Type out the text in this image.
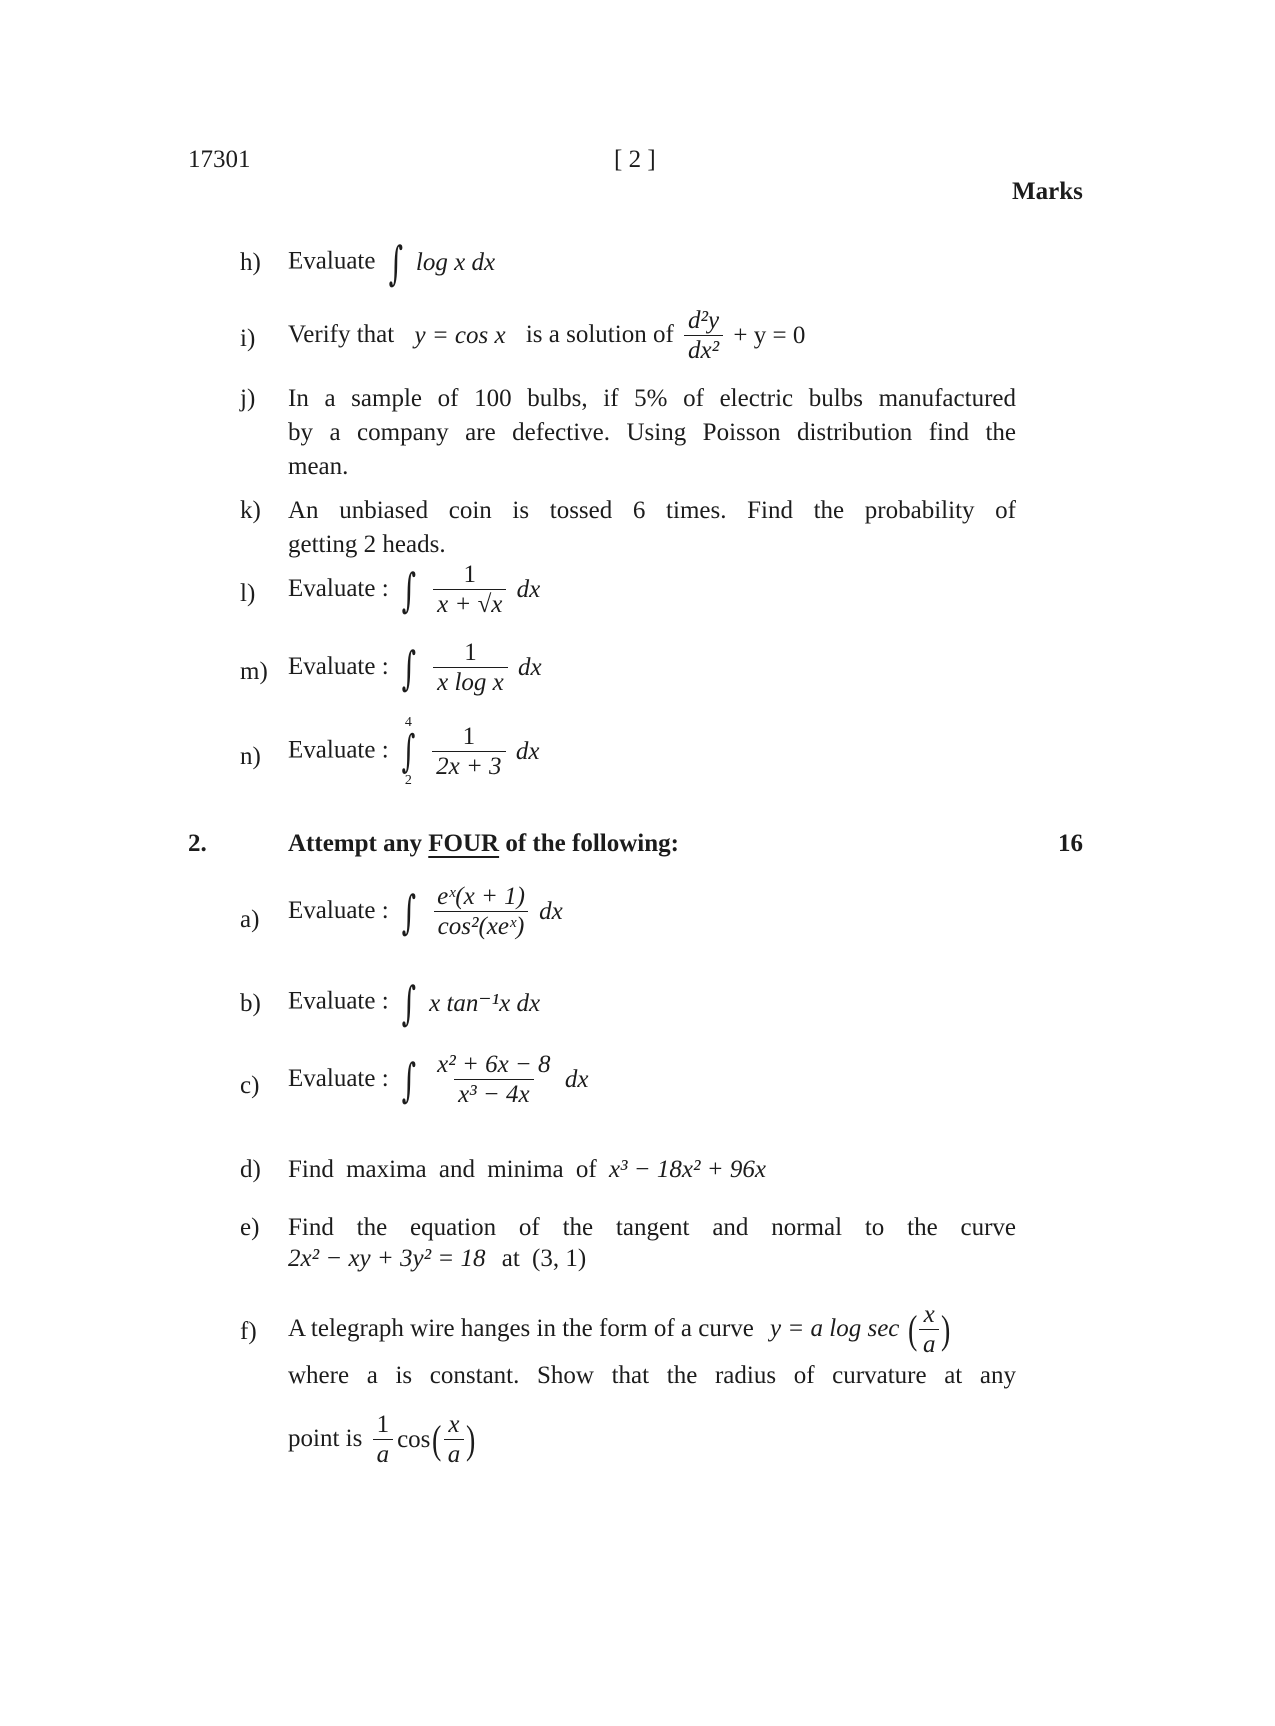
17301	[ 2 ]
Marks
h) Evaluate ∫ log x dx
i) Verify that y = cos x is a solution of $\frac{\text{d²y}}{\text{dx²}} + y = 0$
j) In a sample of 100 bulbs, if 5% of electric bulbs manufactured
by a company are defective. Using Poisson distribution find the
mean.
k) An unbiased coin is tossed 6 times. Find the probability of
getting 2 heads.
l) Evaluate : ∫ $\frac{1}{x + √x}$ dx
m) Evaluate : ∫ $\frac{1}{\text{x log x}}$ dx
n) Evaluate :
4
∫
2

$\frac{1}{2x + 3}$ dx
2.	Attempt any FOUR of the following:	16
a) Evaluate : ∫ $\frac{\text{eˣ(x + 1)}}{\text{cos²(xeˣ)}}$ dx
b) Evaluate : ∫ x tan⁻¹x dx
c) Evaluate : ∫ $\frac{\text{x² + 6x − 8}}{\text{x³ − 4x}}$ dx
d) Find maxima and minima of x³ − 18x² + 96x
e) Find the equation of the tangent and normal to the curve
2x² − xy + 3y² = 18 at (3, 1)
f) A telegraph wire hanges in the form of a curve y = a log sec ( $\frac{x}{a}$ )
where a is constant. Show that the radius of curvature at any
point is $\frac{1}{a} \cos( \frac{x}{a}$ )
